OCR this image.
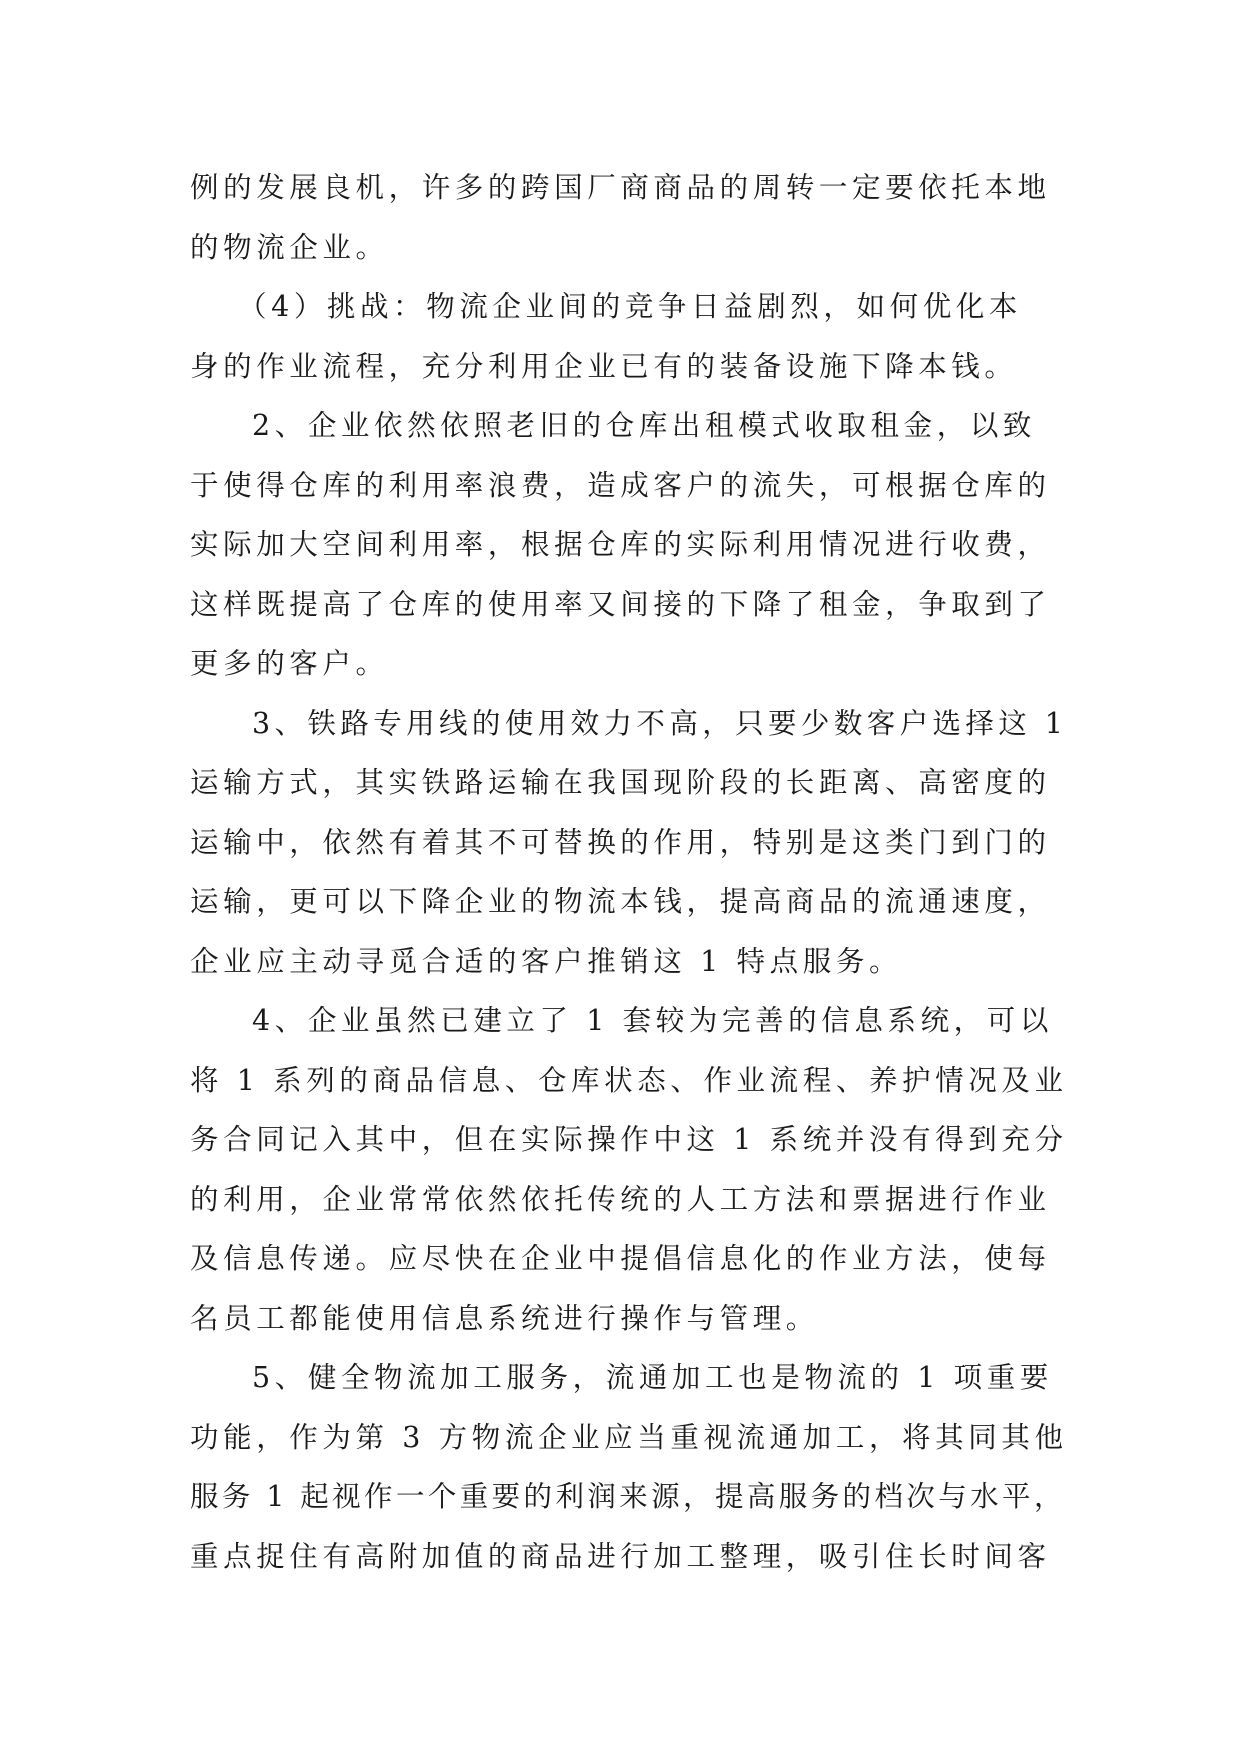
例的发展良机，许多的跨国厂商商品的周转一定要依托本地
的物流企业。
（4）挑战：物流企业间的竞争日益剧烈，如何优化本
身的作业流程，充分利用企业已有的装备设施下降本钱。
2、企业依然依照老旧的仓库出租模式收取租金，以致
于使得仓库的利用率浪费，造成客户的流失，可根据仓库的
实际加大空间利用率，根据仓库的实际利用情况进行收费，
这样既提高了仓库的使用率又间接的下降了租金，争取到了
更多的客户。
3、铁路专用线的使用效力不高，只要少数客户选择这 1
运输方式，其实铁路运输在我国现阶段的长距离、高密度的
运输中，依然有着其不可替换的作用，特别是这类门到门的
运输，更可以下降企业的物流本钱，提高商品的流通速度，
企业应主动寻觅合适的客户推销这 1 特点服务。
4、企业虽然已建立了 1 套较为完善的信息系统，可以
将 1 系列的商品信息、仓库状态、作业流程、养护情况及业
务合同记入其中，但在实际操作中这 1 系统并没有得到充分
的利用，企业常常依然依托传统的人工方法和票据进行作业
及信息传递。应尽快在企业中提倡信息化的作业方法，使每
名员工都能使用信息系统进行操作与管理。
5、健全物流加工服务，流通加工也是物流的 1 项重要
功能，作为第 3 方物流企业应当重视流通加工，将其同其他
服务 1 起视作一个重要的利润来源，提高服务的档次与水平，
重点捉住有高附加值的商品进行加工整理，吸引住长时间客
